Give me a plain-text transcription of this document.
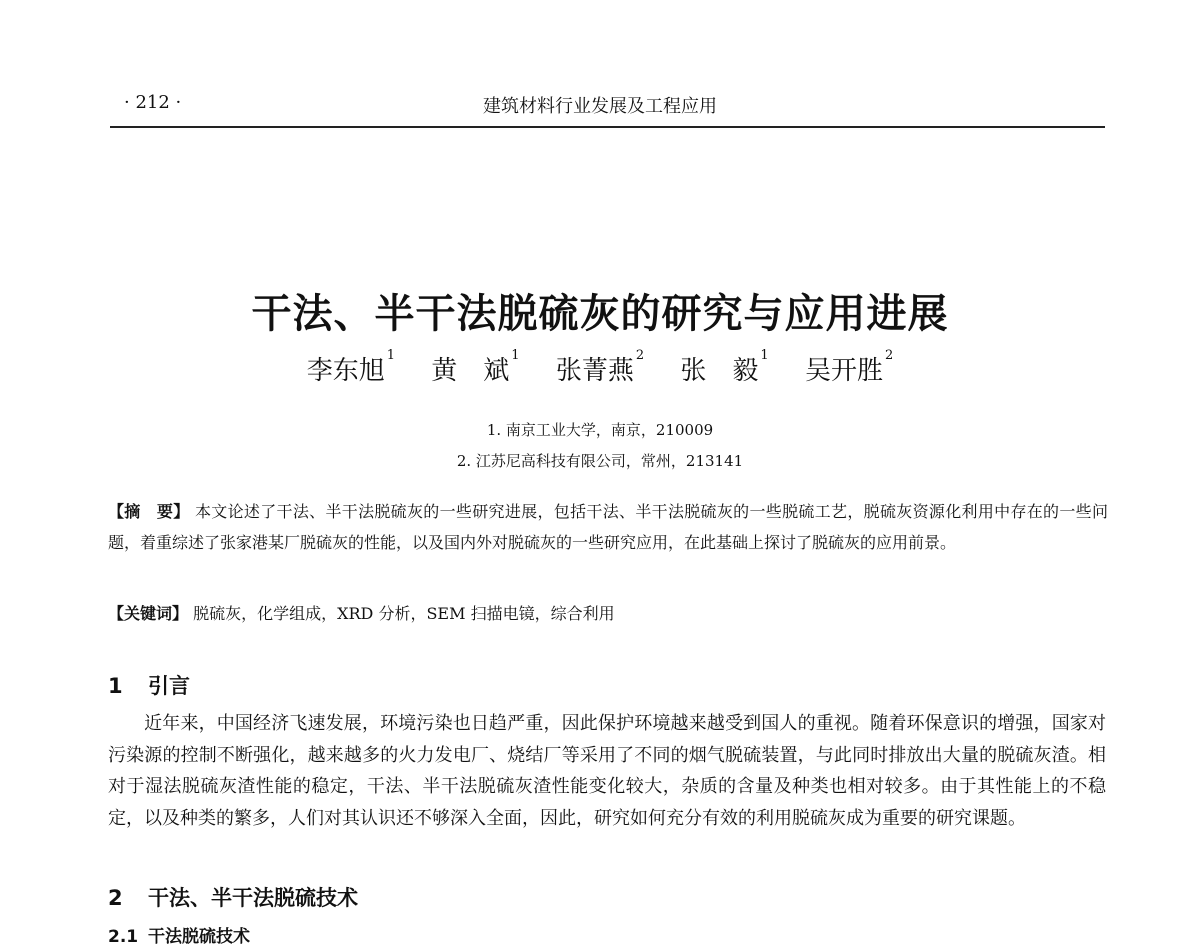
· 212 ·	建筑材料行业发展及工程应用
干法、半干法脱硫灰的研究与应用进展
李东旭$^1$ 黄　斌$^1$ 张菁燕$^2$ 张　毅$^1$ 吴开胜$^2$
1. 南京工业大学，南京，210009
2. 江苏尼高科技有限公司，常州，213141
【摘　要】 本文论述了干法、半干法脱硫灰的一些研究进展，包括干法、半干法脱硫灰的一些脱硫工艺，脱硫灰资源化利用中存在的一些问题，着重综述了张家港某厂脱硫灰的性能，以及国内外对脱硫灰的一些研究应用，在此基础上探讨了脱硫灰的应用前景。
【关键词】 脱硫灰，化学组成，XRD 分析，SEM 扫描电镜，综合利用
1 引言
近年来，中国经济飞速发展，环境污染也日趋严重，因此保护环境越来越受到国人的重视。随着环保意识的增强，国家对污染源的控制不断强化，越来越多的火力发电厂、烧结厂等采用了不同的烟气脱硫装置，与此同时排放出大量的脱硫灰渣。相对于湿法脱硫灰渣性能的稳定，干法、半干法脱硫灰渣性能变化较大，杂质的含量及种类也相对较多。由于其性能上的不稳定，以及种类的繁多，人们对其认识还不够深入全面，因此，研究如何充分有效的利用脱硫灰成为重要的研究课题。
2 干法、半干法脱硫技术
2.1 干法脱硫技术
